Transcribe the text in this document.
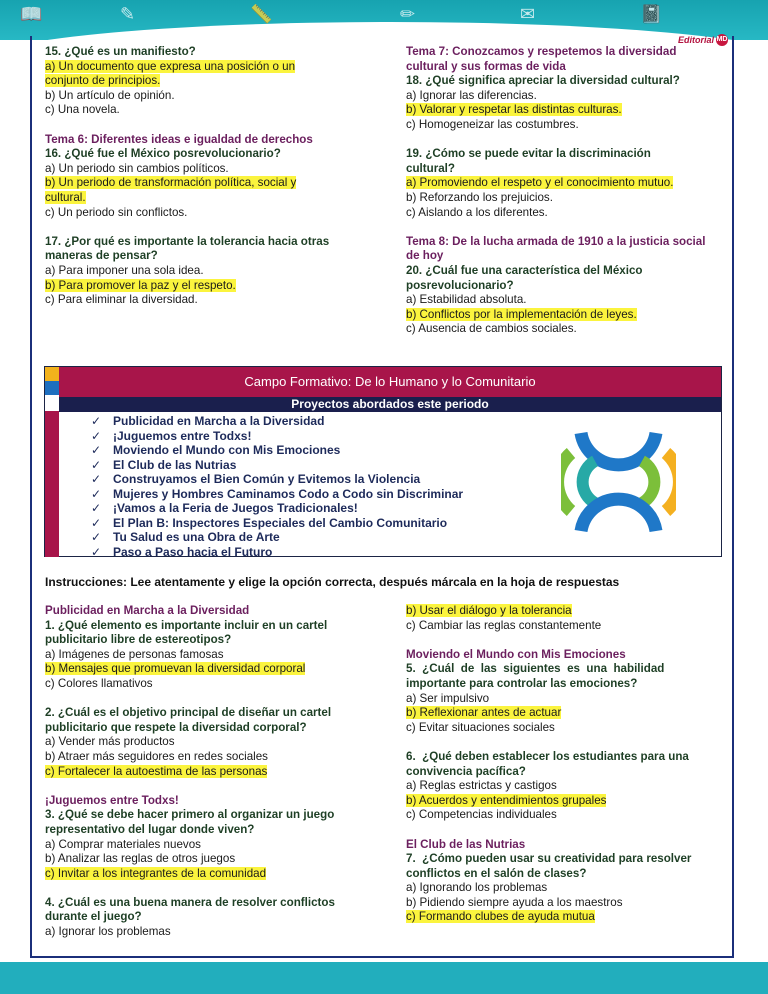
📖	✎	📏	✏	✉	📓
Editorial MD
15. ¿Qué es un manifiesto?
a) Un documento que expresa una posición o un
conjunto de principios.
b) Un artículo de opinión.
c) Una novela.
Tema 6: Diferentes ideas e igualdad de derechos
16. ¿Qué fue el México posrevolucionario?
a) Un periodo sin cambios políticos.
b) Un periodo de transformación política, social y
cultural.
c) Un periodo sin conflictos.
17. ¿Por qué es importante la tolerancia hacia otras
maneras de pensar?
a) Para imponer una sola idea.
b) Para promover la paz y el respeto.
c) Para eliminar la diversidad.
Tema 7: Conozcamos y respetemos la diversidad
cultural y sus formas de vida
18. ¿Qué significa apreciar la diversidad cultural?
a) Ignorar las diferencias.
b) Valorar y respetar las distintas culturas.
c) Homogeneizar las costumbres.
19. ¿Cómo se puede evitar la discriminación
cultural?
a) Promoviendo el respeto y el conocimiento mutuo.
b) Reforzando los prejuicios.
c) Aislando a los diferentes.
Tema 8: De la lucha armada de 1910 a la justicia social
de hoy
20. ¿Cuál fue una característica del México
posrevolucionario?
a) Estabilidad absoluta.
b) Conflictos por la implementación de leyes.
c) Ausencia de cambios sociales.
Campo Formativo: De lo Humano y lo Comunitario
Proyectos abordados este periodo
✓ Publicidad en Marcha a la Diversidad
✓ ¡Juguemos entre Todxs!
✓ Moviendo el Mundo con Mis Emociones
✓ El Club de las Nutrias
✓ Construyamos el Bien Común y Evitemos la Violencia
✓ Mujeres y Hombres Caminamos Codo a Codo sin Discriminar
✓ ¡Vamos a la Feria de Juegos Tradicionales!
✓ El Plan B: Inspectores Especiales del Cambio Comunitario
✓ Tu Salud es una Obra de Arte
✓ Paso a Paso hacia el Futuro
Instrucciones: Lee atentamente y elige la opción correcta, después márcala en la hoja de respuestas
Publicidad en Marcha a la Diversidad
1. ¿Qué elemento es importante incluir en un cartel
publicitario libre de estereotipos?
a) Imágenes de personas famosas
b) Mensajes que promuevan la diversidad corporal
c) Colores llamativos
2. ¿Cuál es el objetivo principal de diseñar un cartel
publicitario que respete la diversidad corporal?
a) Vender más productos
b) Atraer más seguidores en redes sociales
c) Fortalecer la autoestima de las personas
¡Juguemos entre Todxs!
3. ¿Qué se debe hacer primero al organizar un juego
representativo del lugar donde viven?
a) Comprar materiales nuevos
b) Analizar las reglas de otros juegos
c) Invitar a los integrantes de la comunidad
4. ¿Cuál es una buena manera de resolver conflictos
durante el juego?
a) Ignorar los problemas
b) Usar el diálogo y la tolerancia
c) Cambiar las reglas constantemente
Moviendo el Mundo con Mis Emociones
5.  ¿Cuál  de  las  siguientes  es  una  habilidad
importante para controlar las emociones?
a) Ser impulsivo
b) Reflexionar antes de actuar
c) Evitar situaciones sociales
6.  ¿Qué deben establecer los estudiantes para una
convivencia pacífica?
a) Reglas estrictas y castigos
b) Acuerdos y entendimientos grupales
c) Competencias individuales
El Club de las Nutrias
7.  ¿Cómo pueden usar su creatividad para resolver
conflictos en el salón de clases?
a) Ignorando los problemas
b) Pidiendo siempre ayuda a los maestros
c) Formando clubes de ayuda mutua
